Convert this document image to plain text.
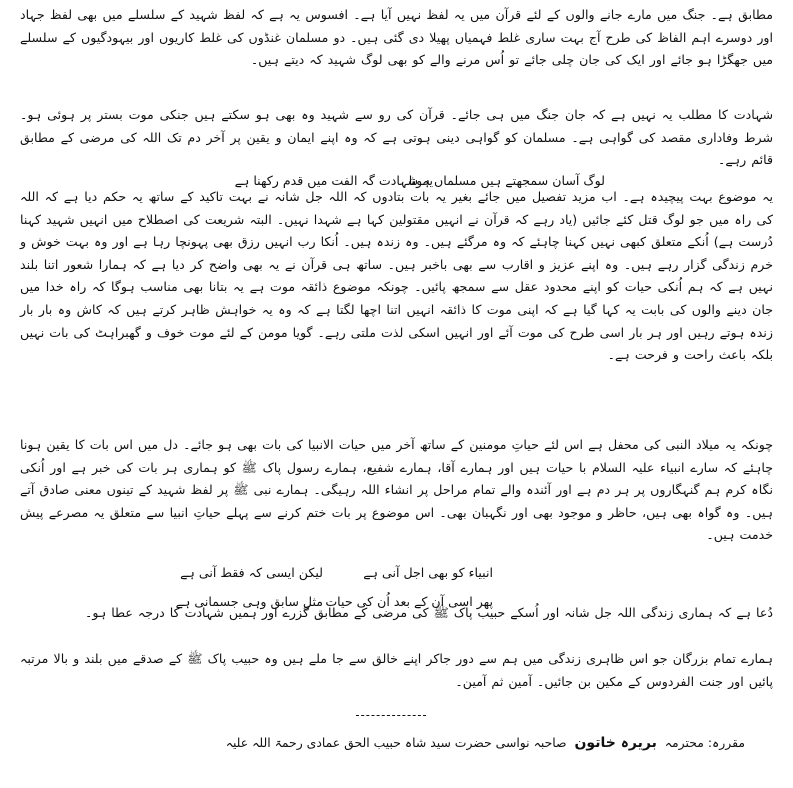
مطابق ہے۔ جنگ میں مارے جانے والوں کے لئے قرآن میں یہ لفظ نہیں آیا ہے۔ افسوس یہ ہے کہ لفظ شہید کے سلسلے میں بھی لفظ جہاد اور دوسرے اہم الفاظ کی طرح آج بہت ساری غلط فہمیاں پھیلا دی گئی ہیں۔ دو مسلمان غنڈوں کی غلط کاریوں اور بیہودگیوں کے سلسلے میں جھگڑا ہو جائے اور ایک کی جان چلی جائے تو اُس مرنے والے کو بھی لوگ شہید کہ دیتے ہیں۔
شہادت کا مطلب یہ نہیں ہے کہ جان جنگ میں ہی جائے۔ قرآن کی رو سے شہید وہ بھی ہو سکتے ہیں جنکی موت بستر پر ہوئی ہو۔ شرط وفاداری مقصد کی گواہی ہے۔ مسلمان کو گواہی دینی ہوتی ہے کہ وہ اپنے ایمان و یقین پر آخر دم تک اللہ کی مرضی کے مطابق قائم رہے۔
یہ شہادت گہ الفت میں قدم رکھنا ہے
لوگ آسان سمجھتے ہیں مسلماں ہونا
یہ موضوع بہت پیچیدہ ہے۔ اب مزید تفصیل میں جائے بغیر یہ بات بتادوں کہ اللہ جل شانہ نے بہت تاکید کے ساتھ یہ حکم دیا ہے کہ اللہ کی راہ میں جو لوگ قتل کئے جائیں (یاد رہے کہ قرآن نے انہیں مقتولین کہا ہے شہدا نہیں۔ البتہ شریعت کی اصطلاح میں انہیں شہید کہنا دُرست ہے) اُنکے متعلق کبھی نہیں کہنا چاہئے کہ وہ مرگئے ہیں۔ وہ زندہ ہیں۔ اُنکا رب انہیں رزق بھی پہونچا رہا ہے اور وہ بہت خوش و خرم زندگی گزار رہے ہیں۔ وہ اپنے عزیز و اقارب سے بھی باخبر ہیں۔ ساتھ ہی قرآن نے یہ بھی واضح کر دیا ہے کہ ہمارا شعور اتنا بلند نہیں ہے کہ ہم اُنکی حیات کو اپنے محدود عقل سے سمجھ پائیں۔ چونکہ موضوع ذائقہ موت ہے یہ بتانا بھی مناسب ہوگا کہ راہ خدا میں جان دینے والوں کی بابت یہ کہا گیا ہے کہ اپنی موت کا ذائقہ انہیں اتنا اچھا لگتا ہے کہ وہ یہ خواہش ظاہر کرتے ہیں کہ کاش وہ بار بار زندہ ہوتے رہیں اور ہر بار اسی طرح کی موت آئے اور انہیں اسکی لذت ملتی رہے۔ گویا مومن کے لئے موت خوف و گھبراہٹ کی بات نہیں بلکہ باعث راحت و فرحت ہے۔
چونکہ یہ میلاد النبی کی محفل ہے اس لئے حیاتِ مومنین کے ساتھ آخر میں حیات الانبیا کی بات بھی ہو جائے۔ دل میں اس بات کا یقین ہونا چاہئے کہ سارے انبیاء علیہ السلام با حیات ہیں اور ہمارے آقا، ہمارے شفیع، ہمارے رسول پاک ﷺ کو ہماری ہر بات کی خبر ہے اور اُنکی نگاہ کرم ہم گنہگاروں پر ہر دم ہے اور آئندہ والے تمام مراحل پر انشاء اللہ رہیگی۔ ہمارے نبی ﷺ پر لفظ شہید کے تینوں معنی صادق آتے ہیں۔ وہ گواہ بھی ہیں، حاظر و موجود بھی اور نگہبان بھی۔ اس موضوع پر بات ختم کرنے سے پہلے حیاتِ انبیا سے متعلق یہ مصرعے پیش خدمت ہیں۔
انبیاء کو بھی اجل آنی ہے
پھر اسی آن کے بعد اُن کی حیات
لیکن ایسی کہ فقط آنی ہے
مثلِ سابق وہی جسمانی ہے
دُعا ہے کہ ہماری زندگی اللہ جل شانہ اور اُسکے حبیب پاک ﷺ کی مرضی کے مطابق گزرے اور ہمیں شہادت کا درجہ عطا ہو۔
ہمارے تمام بزرگان جو اس ظاہری زندگی میں ہم سے دور جاکر اپنے خالق سے جا ملے ہیں وہ حبیب پاک ﷺ کے صدقے میں بلند و بالا مرتبہ پائیں اور جنت الفردوس کے مکین بن جائیں۔ آمین ثم آمین۔
مقررہ: محترمہ بریرہ خاتون صاحبہ نواسی حضرت سید شاہ حبیب الحق عمادی رحمۃ اللہ علیہ
